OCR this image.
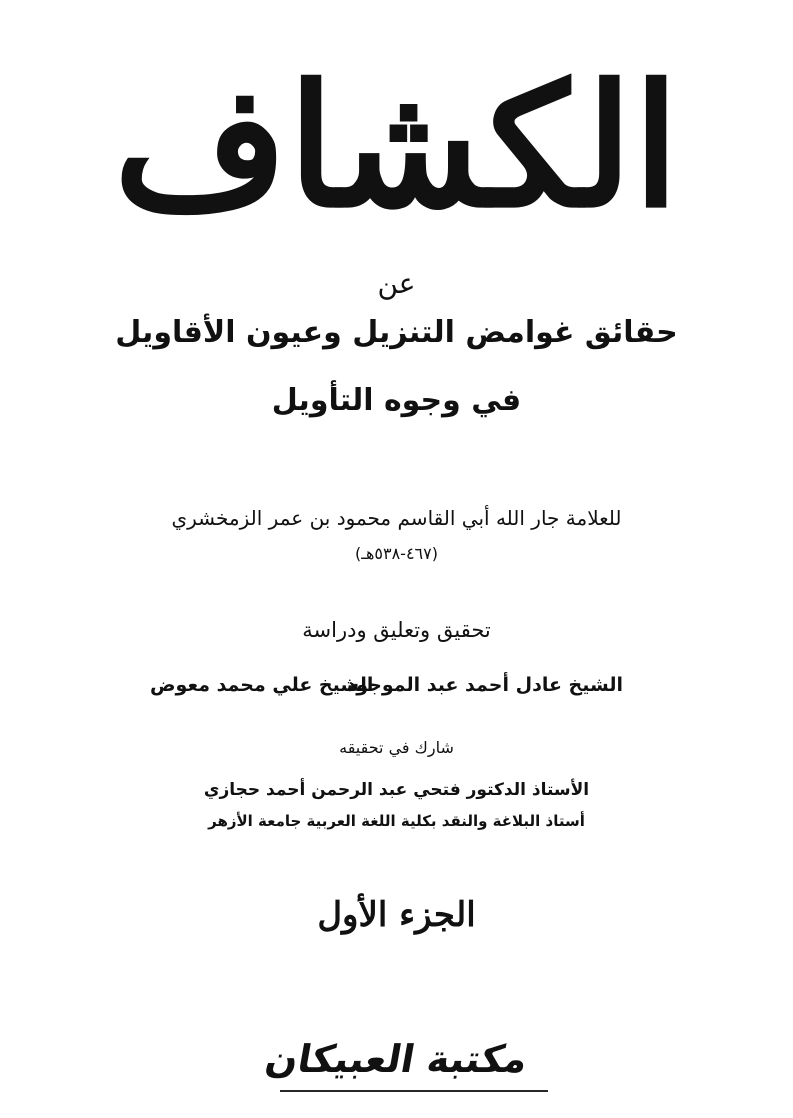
الكشاف
عن
حقائق غوامض التنزيل وعيون الأقاويل
في وجوه التأويل
للعلامة جار الله أبي القاسم محمود بن عمر الزمخشري
(٤٦٧-٥٣٨هـ)
تحقيق وتعليق ودراسة
الشيخ عادل أحمد عبد الموجود
الشيخ علي محمد معوض
شارك في تحقيقه
الأستاذ الدكتور فتحي عبد الرحمن أحمد حجازي
أستاذ البلاغة والنقد بكلية اللغة العربية جامعة الأزهر
الجزء الأول
مكتبة العبيكان
